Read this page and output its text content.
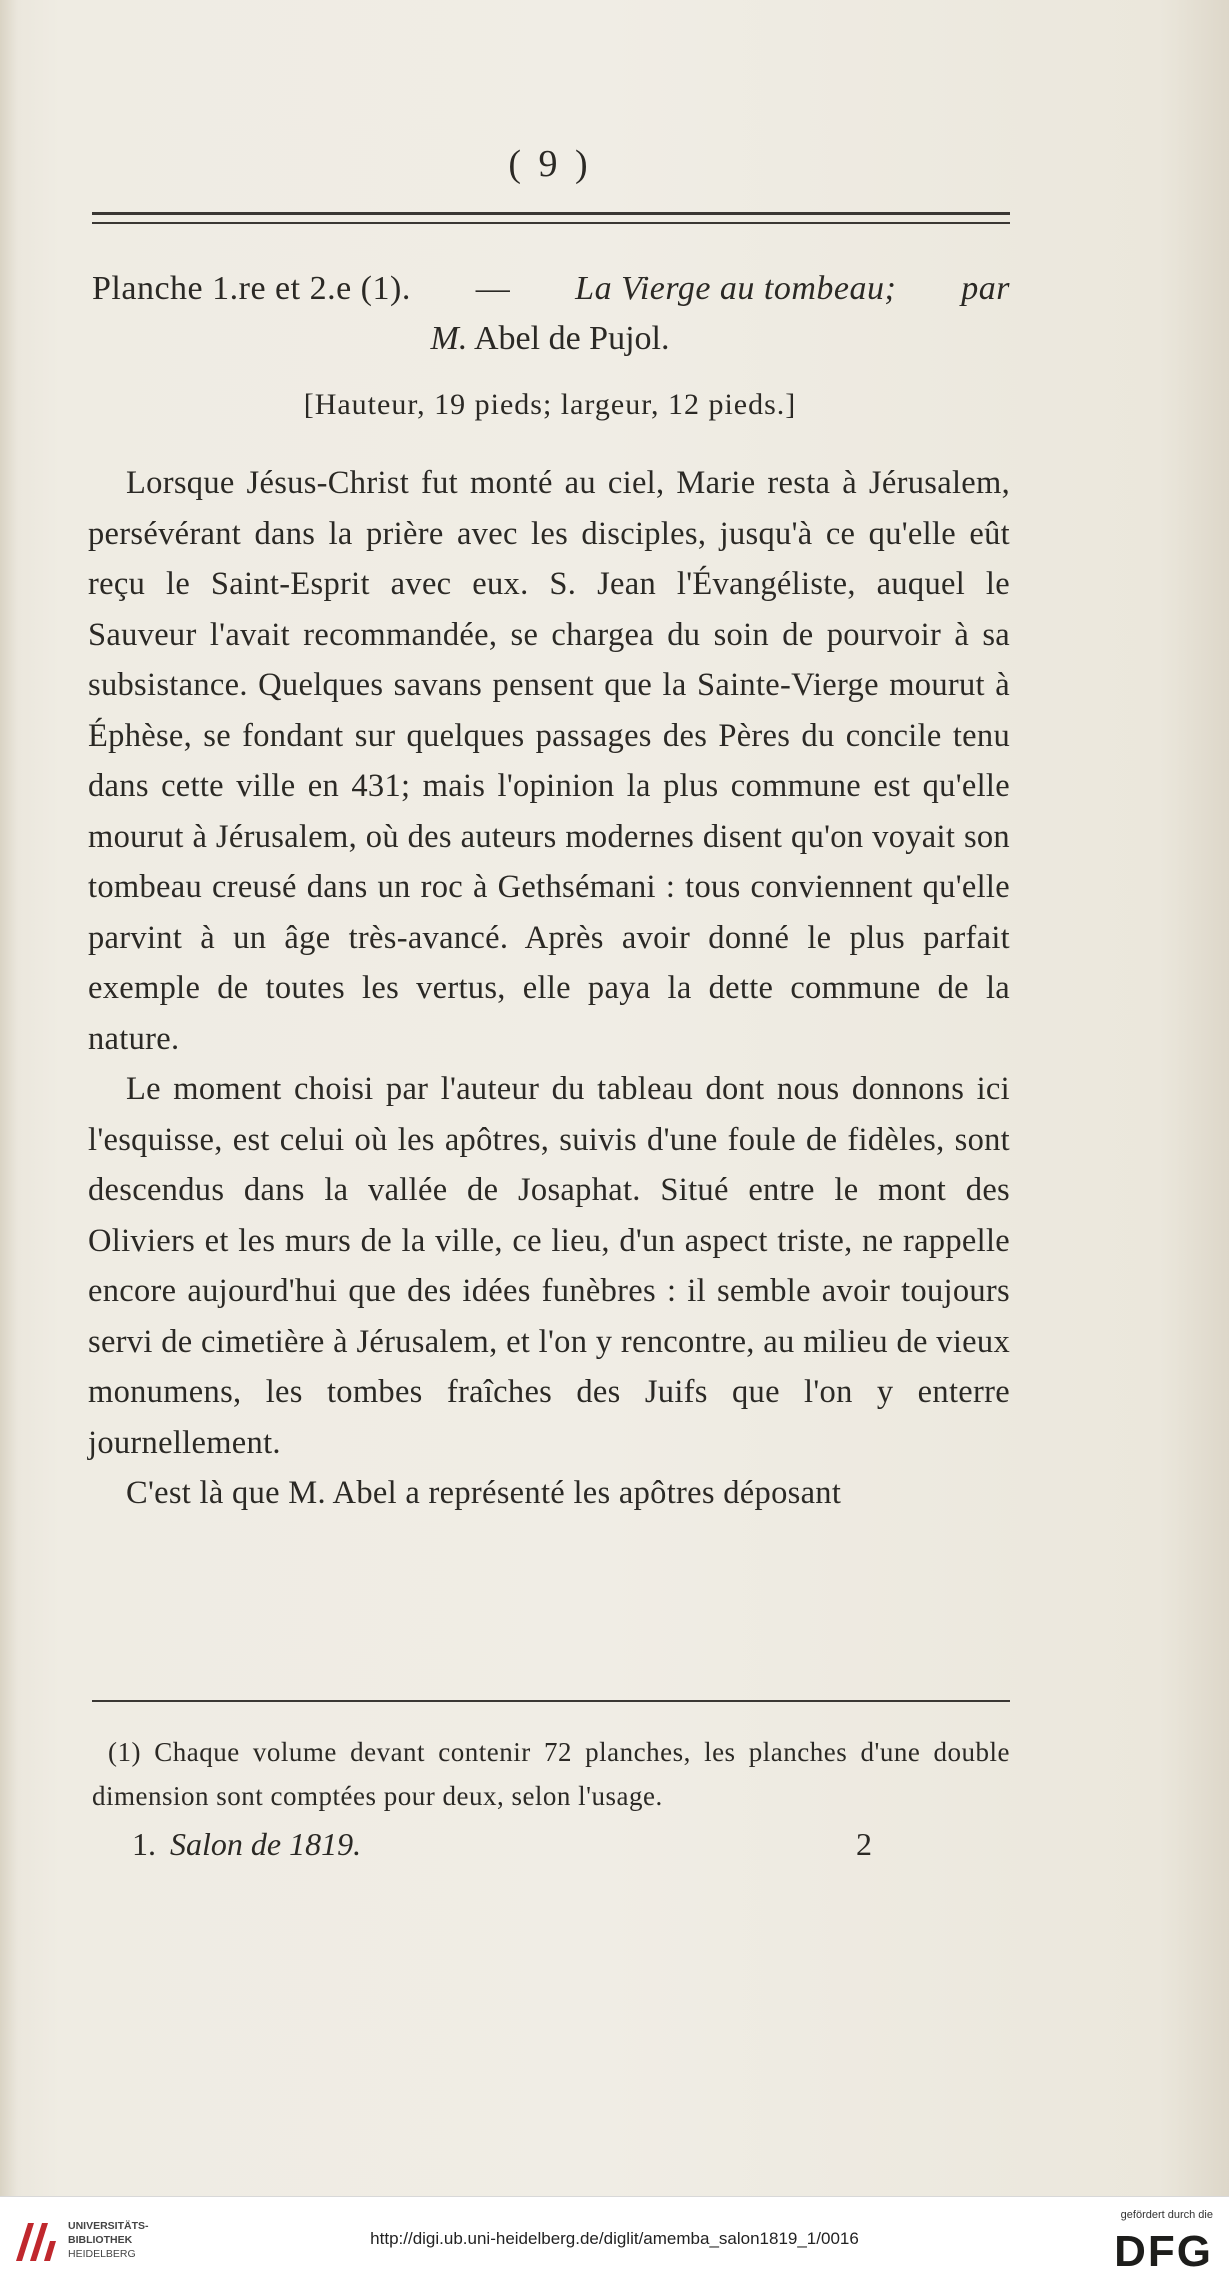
( 9 )
Planche 1.re et 2.e (1). — La Vierge au tombeau; par
M. Abel de Pujol.
[Hauteur, 19 pieds; largeur, 12 pieds.]

Lorsque Jésus-Christ fut monté au ciel, Marie resta à Jérusalem, persévérant dans la prière avec les disciples, jusqu'à ce qu'elle eût reçu le Saint-Esprit avec eux. S. Jean l'Évangéliste, auquel le Sauveur l'avait recommandée, se chargea du soin de pourvoir à sa subsistance. Quelques savans pensent que la Sainte-Vierge mourut à Éphèse, se fondant sur quelques passages des Pères du concile tenu dans cette ville en 431; mais l'opinion la plus commune est qu'elle mourut à Jérusalem, où des auteurs modernes disent qu'on voyait son tombeau creusé dans un roc à Gethsémani : tous conviennent qu'elle parvint à un âge très-avancé. Après avoir donné le plus parfait exemple de toutes les vertus, elle paya la dette commune de la nature.

Le moment choisi par l'auteur du tableau dont nous donnons ici l'esquisse, est celui où les apôtres, suivis d'une foule de fidèles, sont descendus dans la vallée de Josaphat. Situé entre le mont des Oliviers et les murs de la ville, ce lieu, d'un aspect triste, ne rappelle encore aujourd'hui que des idées funèbres : il semble avoir toujours servi de cimetière à Jérusalem, et l'on y rencontre, au milieu de vieux monumens, les tombes fraîches des Juifs que l'on y enterre journellement.

C'est là que M. Abel a représenté les apôtres déposant

(1) Chaque volume devant contenir 72 planches, les planches d'une double dimension sont comptées pour deux, selon l'usage.

1. Salon de 1819.	2
UNIVERSITÄTS-
BIBLIOTHEK
HEIDELBERG
http://digi.ub.uni-heidelberg.de/diglit/amemba_salon1819_1/0016
gefördert durch die
DFG
